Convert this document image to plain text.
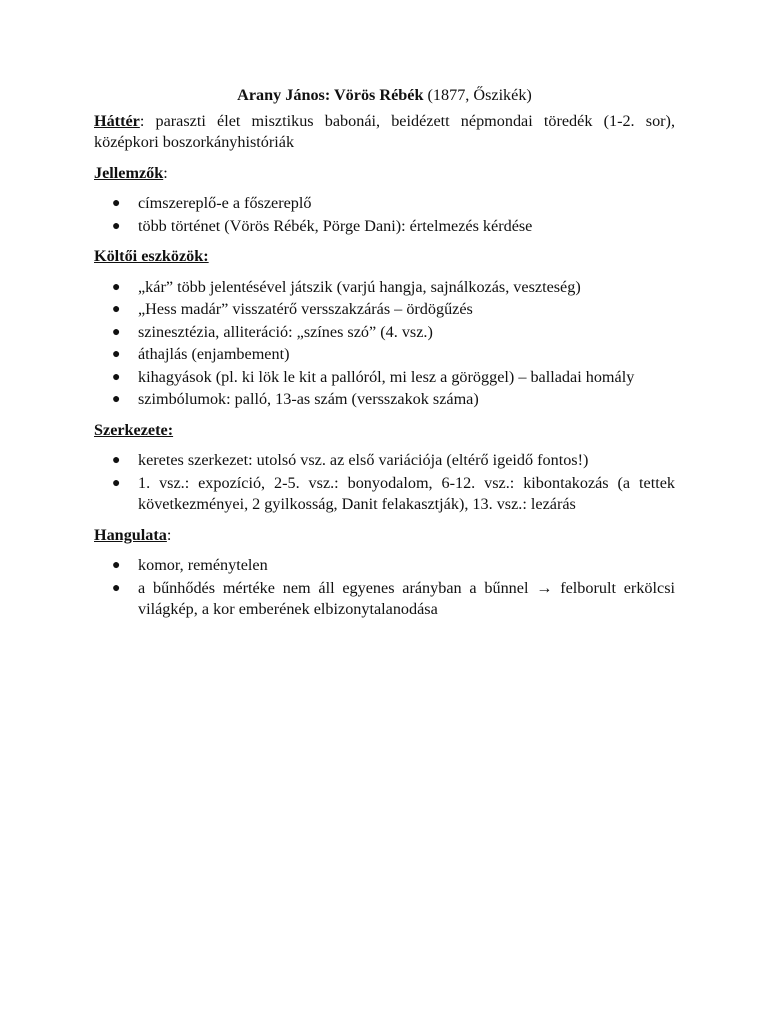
Arany János: Vörös Rébék (1877, Őszikék)

Háttér: paraszti élet misztikus babonái, beidézett népmondai töredék (1-2. sor), középkori boszorkányhistóriák

Jellemzők:

● címszereplő-e a főszereplő
● több történet (Vörös Rébék, Pörge Dani): értelmezés kérdése

Költői eszközök:

● „kár” több jelentésével játszik (varjú hangja, sajnálkozás, veszteség)
● „Hess madár” visszatérő versszakzárás – ördögűzés
● szinesztézia, alliteráció: „színes szó” (4. vsz.)
● áthajlás (enjambement)
● kihagyások (pl. ki lök le kit a pallóról, mi lesz a göröggel) – balladai homály
● szimbólumok: palló, 13-as szám (versszakok száma)

Szerkezete:

● keretes szerkezet: utolsó vsz. az első variációja (eltérő igeidő fontos!)
● 1. vsz.: expozíció, 2-5. vsz.: bonyodalom, 6-12. vsz.: kibontakozás (a tettek következményei, 2 gyilkosság, Danit felakasztják), 13. vsz.: lezárás

Hangulata:

● komor, reménytelen
● a bűnhődés mértéke nem áll egyenes arányban a bűnnel → felborult erkölcsi világkép, a kor emberének elbizonytalanodása
